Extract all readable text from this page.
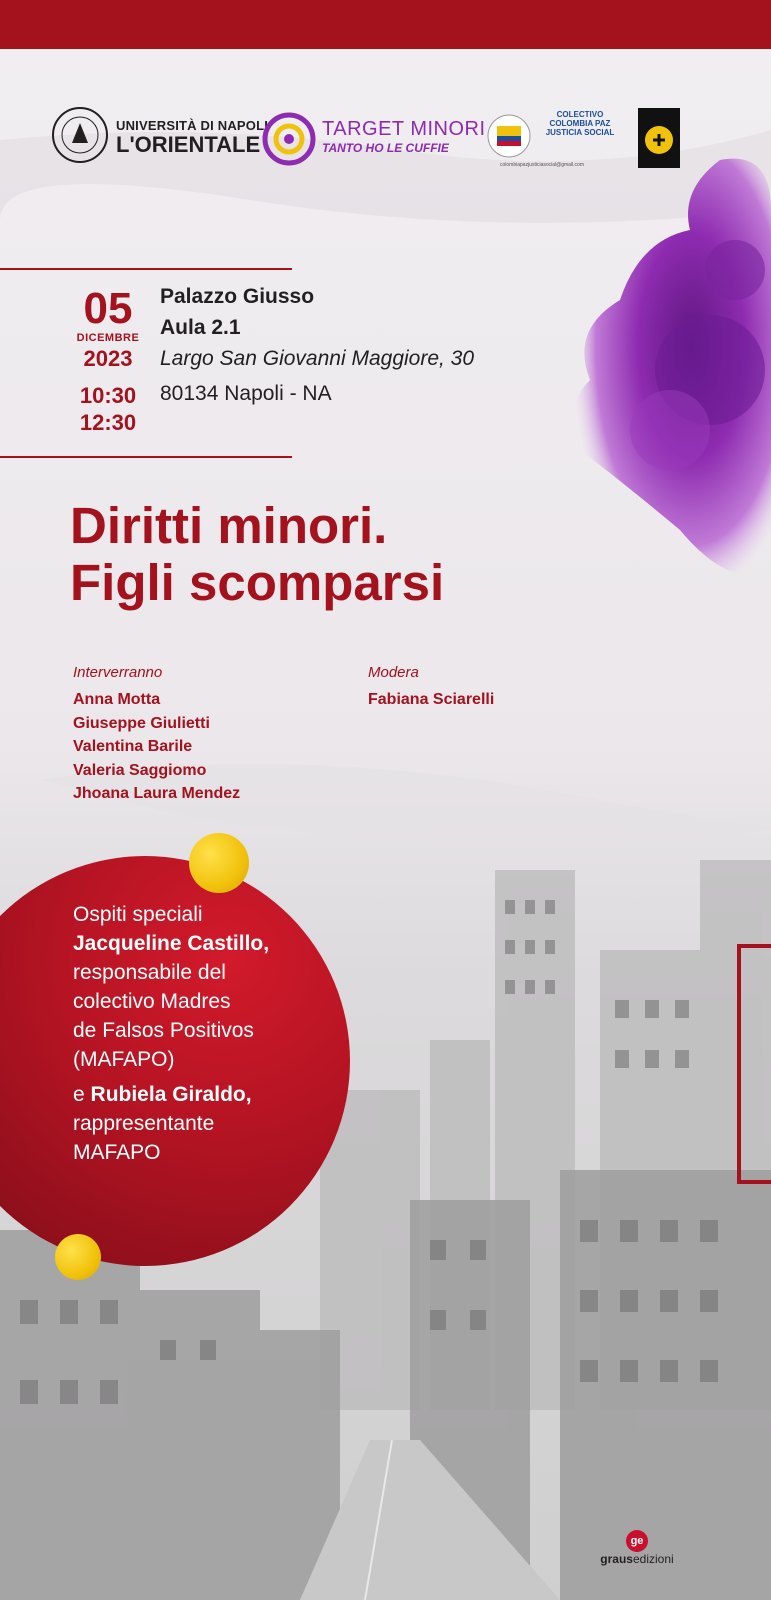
UNIVERSITÀ DI NAPOLI
L'ORIENTALE
TARGET MINORI
TANTO HO LE CUFFIE
COLECTIVO
COLOMBIA PAZ
JUSTICIA SOCIAL
colombiapazjusticiasocial@gmail.com
05
DICEMBRE
2023
10:30
12:30
Palazzo Giusso
Aula 2.1
Largo San Giovanni Maggiore, 30
80134 Napoli - NA
Diritti minori.
Figli scomparsi
Interverranno
Anna Motta
Giuseppe Giulietti
Valentina Barile
Valeria Saggiomo
Jhoana Laura Mendez
Modera
Fabiana Sciarelli
Ospiti speciali
Jacqueline Castillo,
responsabile del
colectivo Madres
de Falsos Positivos
(MAFAPO)
e Rubiela Giraldo,
rappresentante
MAFAPO
ge
grausedizioni
